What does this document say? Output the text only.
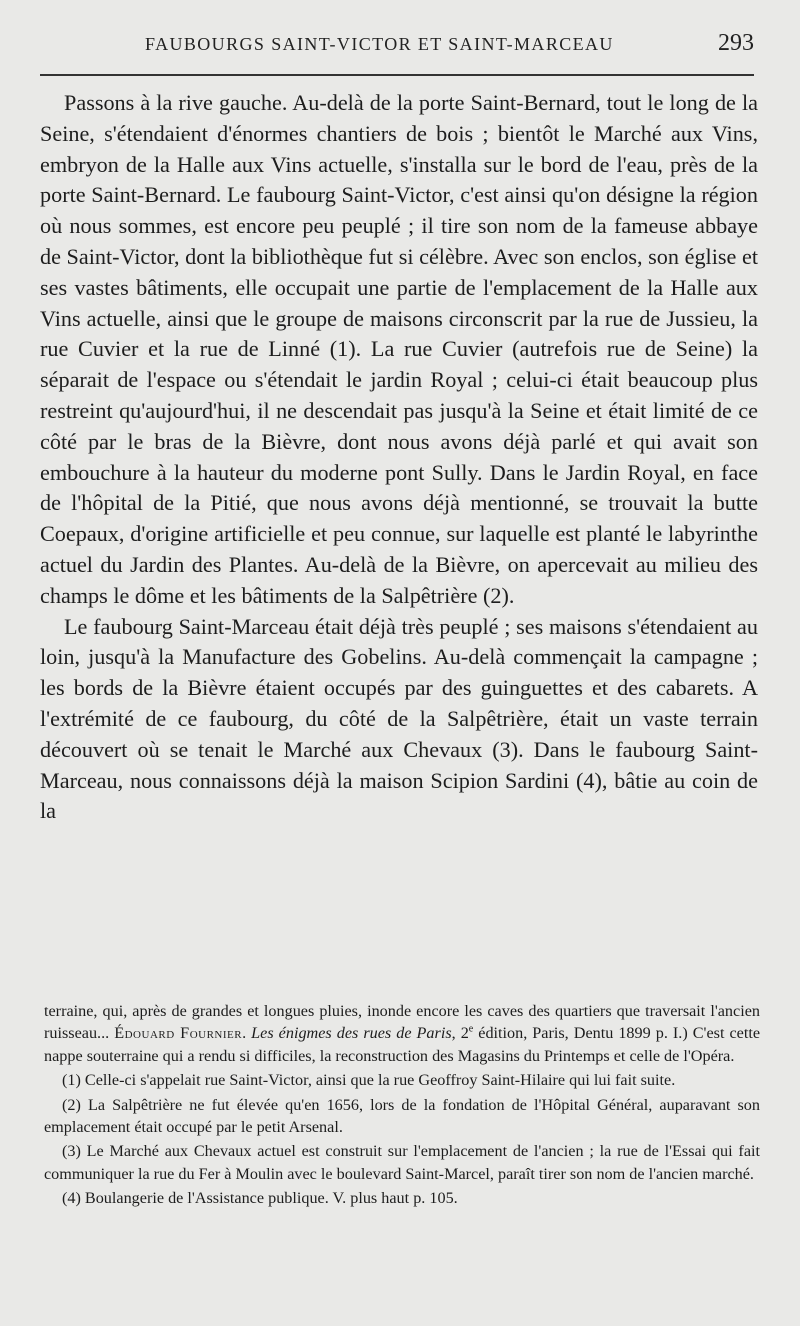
FAUBOURGS SAINT-VICTOR ET SAINT-MARCEAU	293

Passons à la rive gauche. Au-delà de la porte Saint-Bernard, tout le long de la Seine, s'étendaient d'énormes chantiers de bois ; bientôt le Marché aux Vins, embryon de la Halle aux Vins actuelle, s'installa sur le bord de l'eau, près de la porte Saint-Bernard. Le faubourg Saint-Victor, c'est ainsi qu'on désigne la région où nous sommes, est encore peu peuplé ; il tire son nom de la fameuse abbaye de Saint-Victor, dont la bibliothèque fut si célèbre. Avec son enclos, son église et ses vastes bâtiments, elle occupait une partie de l'emplacement de la Halle aux Vins actuelle, ainsi que le groupe de maisons circonscrit par la rue de Jussieu, la rue Cuvier et la rue de Linné (1). La rue Cuvier (autrefois rue de Seine) la séparait de l'espace ou s'étendait le jardin Royal ; celui-ci était beaucoup plus restreint qu'aujourd'hui, il ne descendait pas jusqu'à la Seine et était limité de ce côté par le bras de la Bièvre, dont nous avons déjà parlé et qui avait son embouchure à la hauteur du moderne pont Sully. Dans le Jardin Royal, en face de l'hôpital de la Pitié, que nous avons déjà mentionné, se trouvait la butte Coepaux, d'origine artificielle et peu connue, sur laquelle est planté le labyrinthe actuel du Jardin des Plantes. Au-delà de la Bièvre, on apercevait au milieu des champs le dôme et les bâtiments de la Salpêtrière (2).

Le faubourg Saint-Marceau était déjà très peuplé ; ses maisons s'étendaient au loin, jusqu'à la Manufacture des Gobelins. Au-delà commençait la campagne ; les bords de la Bièvre étaient occupés par des guinguettes et des cabarets. A l'extrémité de ce faubourg, du côté de la Salpêtrière, était un vaste terrain découvert où se tenait le Marché aux Chevaux (3). Dans le faubourg Saint-Marceau, nous connaissons déjà la maison Scipion Sardini (4), bâtie au coin de la

terraine, qui, après de grandes et longues pluies, inonde encore les caves des quartiers que traversait l'ancien ruisseau... Édouard Fournier. Les énigmes des rues de Paris, 2e édition, Paris, Dentu 1899 p. I.) C'est cette nappe souterraine qui a rendu si difficiles, la reconstruction des Magasins du Printemps et celle de l'Opéra.

(1) Celle-ci s'appelait rue Saint-Victor, ainsi que la rue Geoffroy Saint-Hilaire qui lui fait suite.

(2) La Salpêtrière ne fut élevée qu'en 1656, lors de la fondation de l'Hôpital Général, auparavant son emplacement était occupé par le petit Arsenal.

(3) Le Marché aux Chevaux actuel est construit sur l'emplacement de l'ancien ; la rue de l'Essai qui fait communiquer la rue du Fer à Moulin avec le boulevard Saint-Marcel, paraît tirer son nom de l'ancien marché.

(4) Boulangerie de l'Assistance publique. V. plus haut p. 105.
